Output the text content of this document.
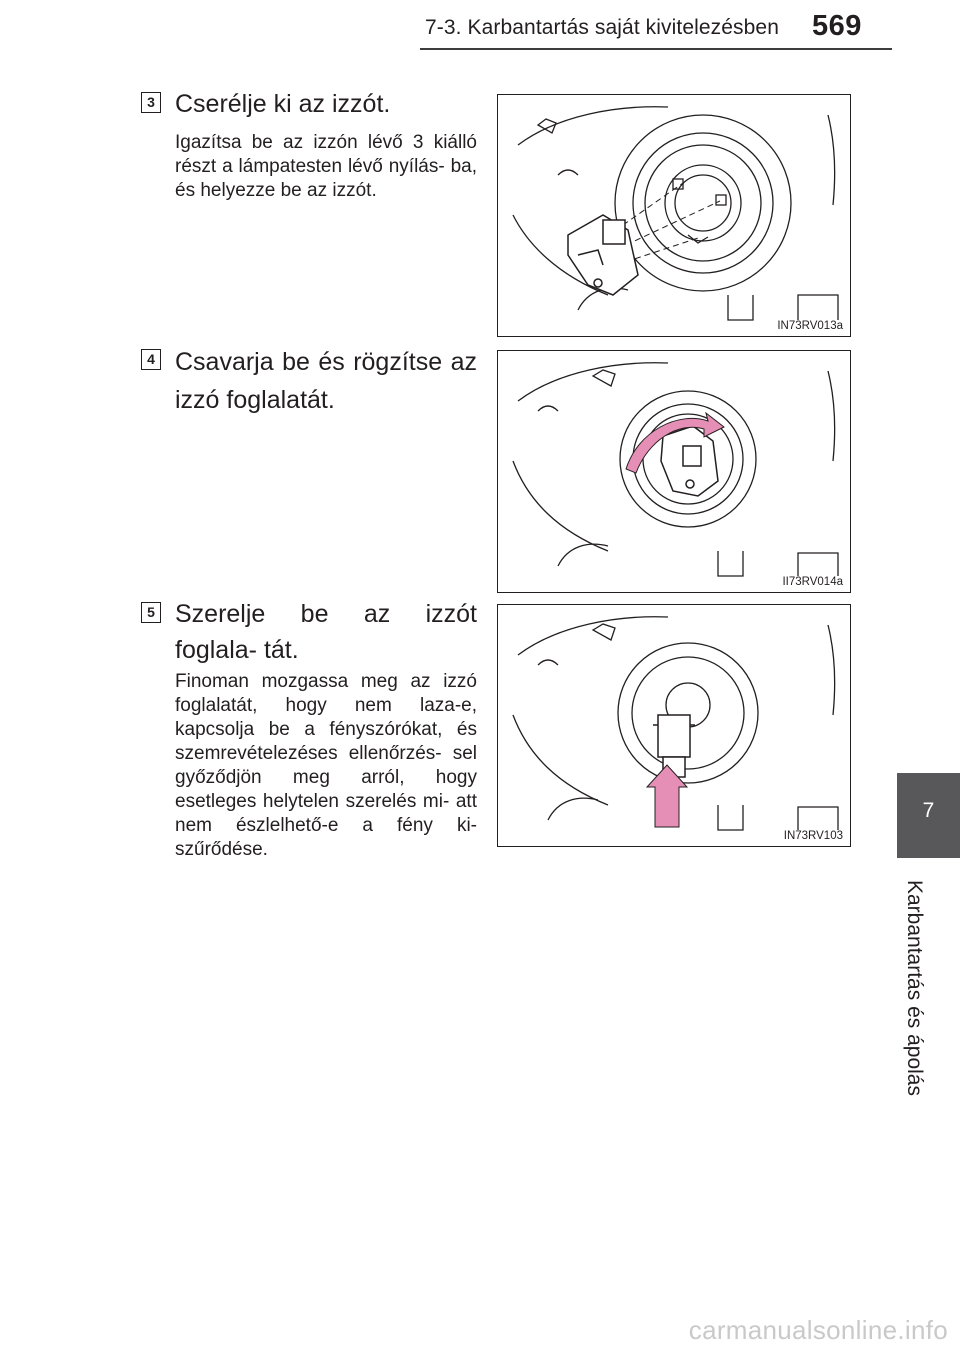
7-3. Karbantartás saját kivitelezésben 569
7
Karbantartás és ápolás
3 Cserélje ki az izzót.
Igazítsa be az izzón lévő 3 kiálló részt a lámpatesten lévő nyílás- ba, és helyezze be az izzót.
IN73RV013a
4 Csavarja be és rögzítse az izzó foglalatát.
II73RV014a
5 Szerelje be az izzót foglala- tát.
Finoman mozgassa meg az izzó foglalatát, hogy nem laza-e, kapcsolja be a fényszórókat, és szemrevételezéses ellenőrzés- sel győződjön meg arról, hogy esetleges helytelen szerelés mi- att nem észlelhető-e a fény ki- szűrődése.
IN73RV103
carmanualsonline.info
